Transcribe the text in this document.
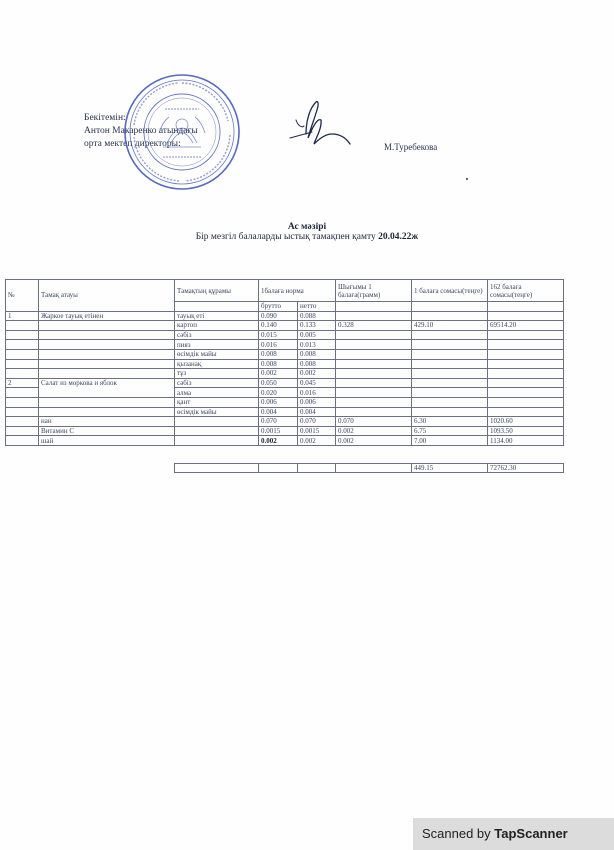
Бекітемін:
Антон Макаренко атындағы
орта мектеп директоры:	М.Туребекова
Ас мәзірі
Бір мезгіл балаларды ыстық тамақпен қамту 20.04.22ж
№	Тамақ атауы	Тамақтың құрамы	1балаға норма		Шығымы 1 балаға(грамм)	1 балаға сомасы(теңге)	162 балаға сомасы(теңге)
			брутто	нетто			
1	Жаркое тауық етінен	тауық еті	0.090	0.088			
		картоп	0.140	0.133	0.328	429.10	69514.20
		сәбіз	0.015	0.005			
		пияз	0.016	0.013			
		өсімдік майы	0.008	0.008			
		қызанақ	0.008	0.008			
		тұз	0.002	0.002			
2	Салат из моркова и яблок	сәбіз	0.050	0.045			
		алма	0.020	0.016			
		қант	0.006	0.006			
		өсімдік майы	0.004	0.004			
	нан		0.070	0.070	0.070	6.30	1020.60
	Витамин С		0.0015	0.0015	0.002	6.75	1093.50
	шай		0.002	0.002	0.002	7.00	1134.00

						449.15	72762.30
Scanned by TapScanner
